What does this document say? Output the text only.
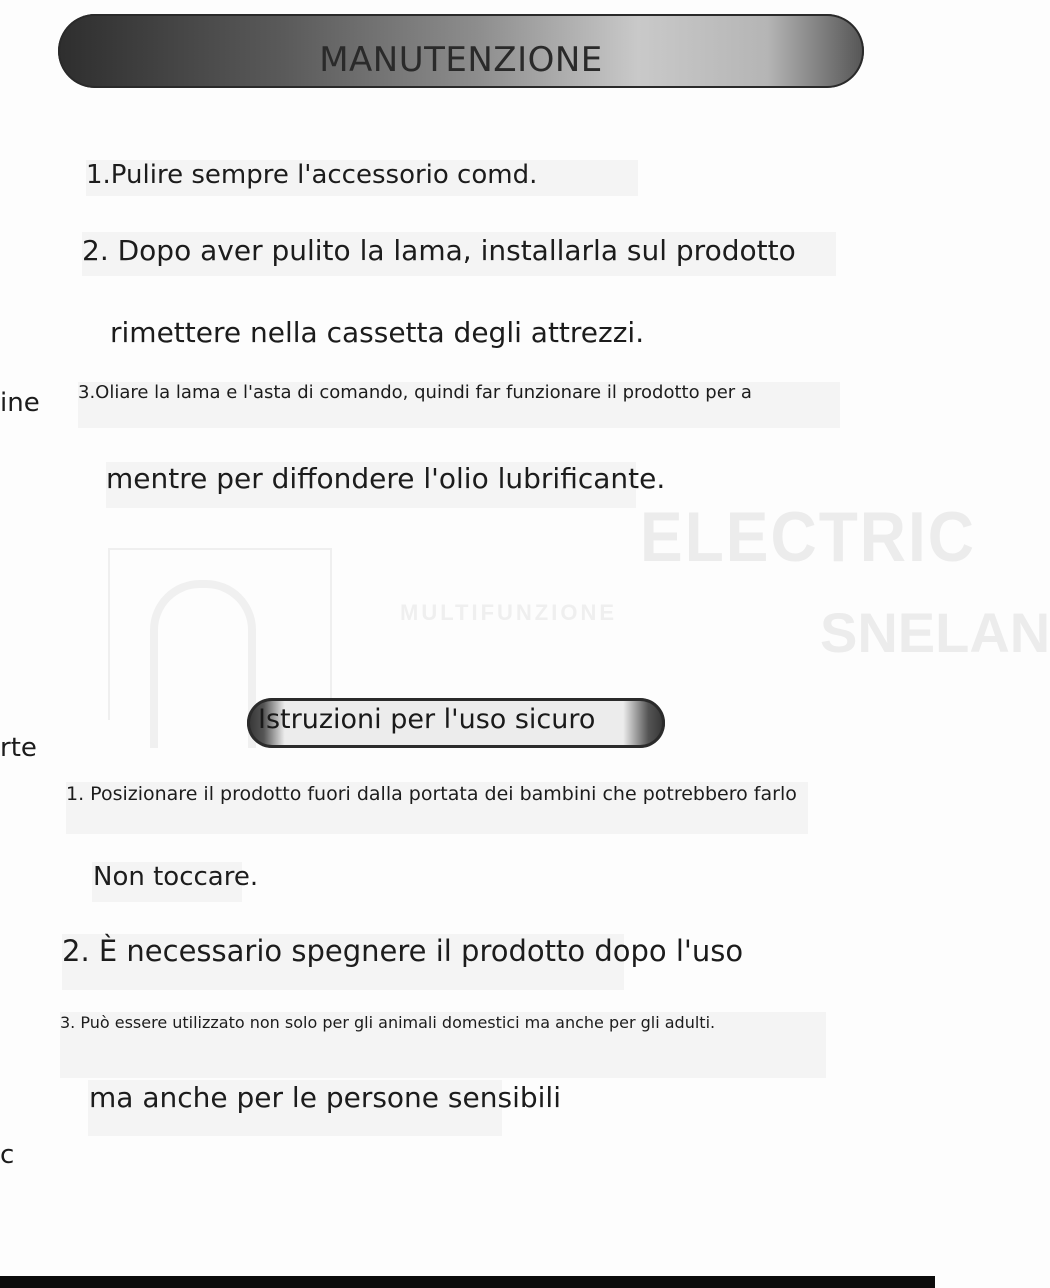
ELECTRIC
SNELAN
MULTIFUNZIONE
MANUTENZIONE
1.Pulire sempre l'accessorio comd.
2. Dopo aver pulito la lama, installarla sul prodotto
rimettere nella cassetta degli attrezzi.
3.Oliare la lama e l'asta di comando, quindi far funzionare il prodotto per a
mentre per diffondere l'olio lubrificante.
Istruzioni per l'uso sicuro
1. Posizionare il prodotto fuori dalla portata dei bambini che potrebbero farlo
Non toccare.
2. È necessario spegnere il prodotto dopo l'uso
3. Può essere utilizzato non solo per gli animali domestici ma anche per gli adulti.
ma anche per le persone sensibili
ine
rte
c
